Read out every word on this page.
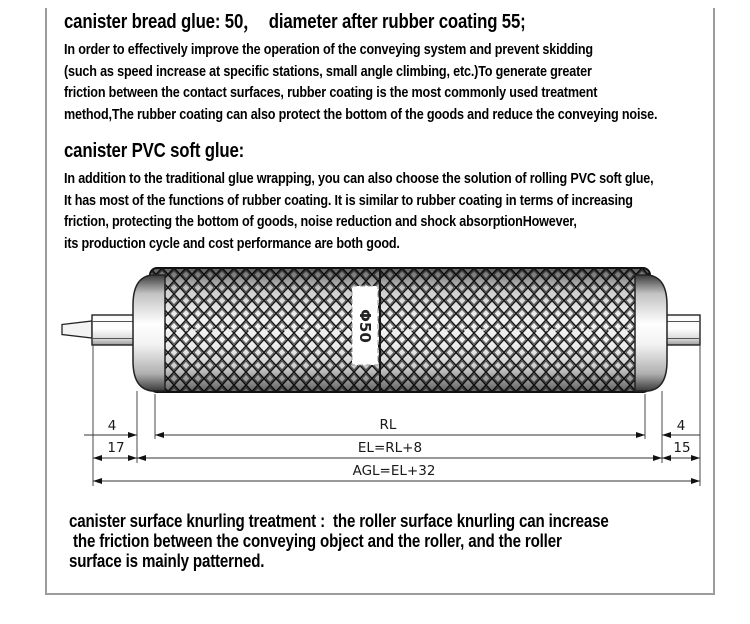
canister bread glue: 50，  diameter after rubber coating 55;
In order to effectively improve the operation of the conveying system and prevent skidding
(such as speed increase at specific stations, small angle climbing, etc.)To generate greater
friction between the contact surfaces, rubber coating is the most commonly used treatment
method,The rubber coating can also protect the bottom of the goods and reduce the conveying noise.
canister PVC soft glue:
In addition to the traditional glue wrapping, you can also choose the solution of rolling PVC soft glue,
It has most of the functions of rubber coating. It is similar to rubber coating in terms of increasing
friction, protecting the bottom of goods, noise reduction and shock absorptionHowever,
its production cycle and cost performance are both good.
Φ50
4	RL	4
17	EL=RL+8	15
AGL=EL+32
canister surface knurling treatment :  the roller surface knurling can increase
the friction between the conveying object and the roller, and the roller
surface is mainly patterned.
